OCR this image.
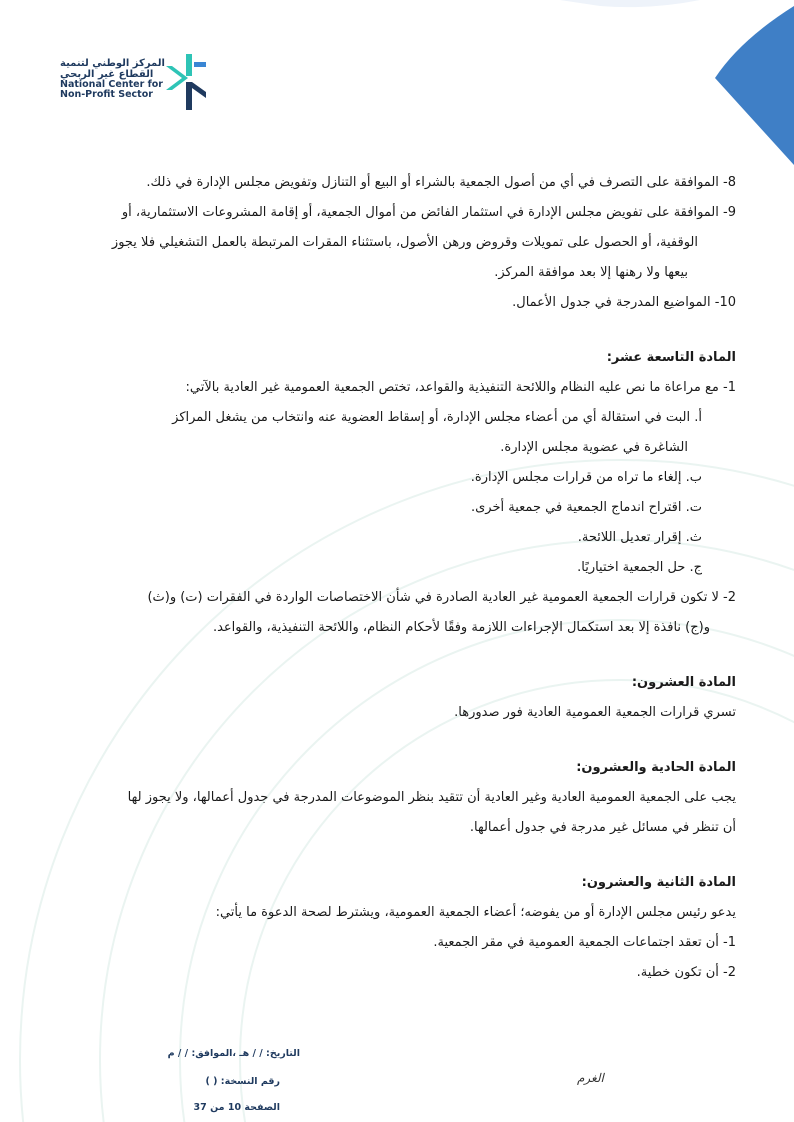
المركز الوطني لتنمية
القطاع غير الربحي
National Center for
Non-Profit Sector
8- الموافقة على التصرف في أي من أصول الجمعية بالشراء أو البيع أو التنازل وتفويض مجلس الإدارة في ذلك.
9- الموافقة على تفويض مجلس الإدارة في استثمار الفائض من أموال الجمعية، أو إقامة المشروعات الاستثمارية، أو
الوقفية، أو الحصول على تمويلات وقروض ورهن الأصول، باستثناء المقرات المرتبطة بالعمل التشغيلي فلا يجوز
بيعها ولا رهنها إلا بعد موافقة المركز.
10- المواضيع المدرجة في جدول الأعمال.
المادة التاسعة عشر:
1- مع مراعاة ما نص عليه النظام واللائحة التنفيذية والقواعد، تختص الجمعية العمومية غير العادية بالآتي:
أ. البت في استقالة أي من أعضاء مجلس الإدارة، أو إسقاط العضوية عنه وانتخاب من يشغل المراكز
الشاغرة في عضوية مجلس الإدارة.
ب. إلغاء ما تراه من قرارات مجلس الإدارة.
ت. اقتراح اندماج الجمعية في جمعية أخرى.
ث. إقرار تعديل اللائحة.
ج. حل الجمعية اختياريًا.
2- لا تكون قرارات الجمعية العمومية غير العادية الصادرة في شأن الاختصاصات الواردة في الفقرات (ت) و(ث)
و(ج) نافذة إلا بعد استكمال الإجراءات اللازمة وفقًا لأحكام النظام، واللائحة التنفيذية، والقواعد.
المادة العشرون:
تسري قرارات الجمعية العمومية العادية فور صدورها.
المادة الحادية والعشرون:
يجب على الجمعية العمومية العادية وغير العادية أن تتقيد بنظر الموضوعات المدرجة في جدول أعمالها، ولا يجوز لها
أن تنظر في مسائل غير مدرجة في جدول أعمالها.
المادة الثانية والعشرون:
يدعو رئيس مجلس الإدارة أو من يفوضه؛ أعضاء الجمعية العمومية، ويشترط لصحة الدعوة ما يأتي:
1- أن تعقد اجتماعات الجمعية العمومية في مقر الجمعية.
2- أن تكون خطية.
التاريخ: / / هـ ،الموافق: / / م
رقم النسخة: ( )
الصفحة 10 من 37
الغرم
